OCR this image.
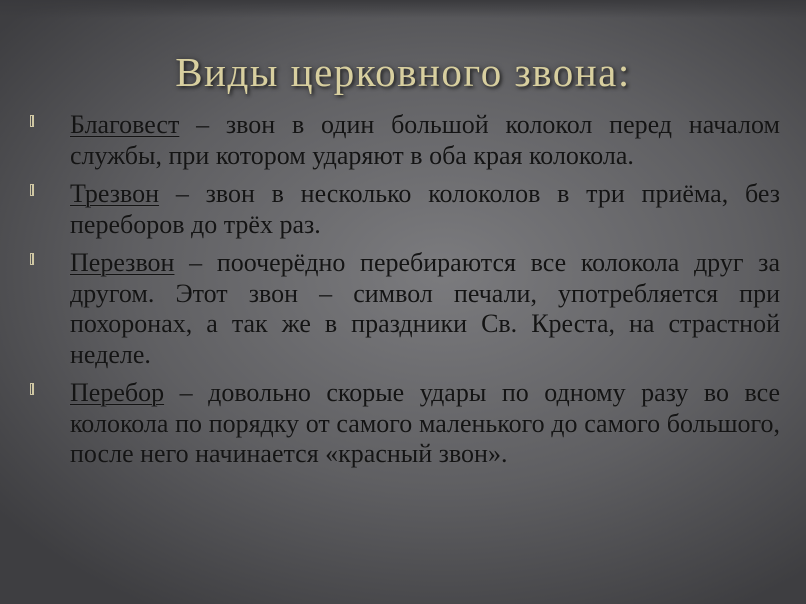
Виды церковного звона:
Благовест – звон в один большой колокол перед началом службы, при котором ударяют в оба края колокола.
Трезвон – звон в несколько колоколов в три приёма, без переборов до трёх раз.
Перезвон – поочерёдно перебираются все колокола друг за другом. Этот звон – символ печали, употребляется при похоронах, а так же в праздники Св. Креста, на страстной неделе.
Перебор – довольно скорые удары по одному разу во все колокола по порядку от самого маленького до самого большого, после него начинается «красный звон».
